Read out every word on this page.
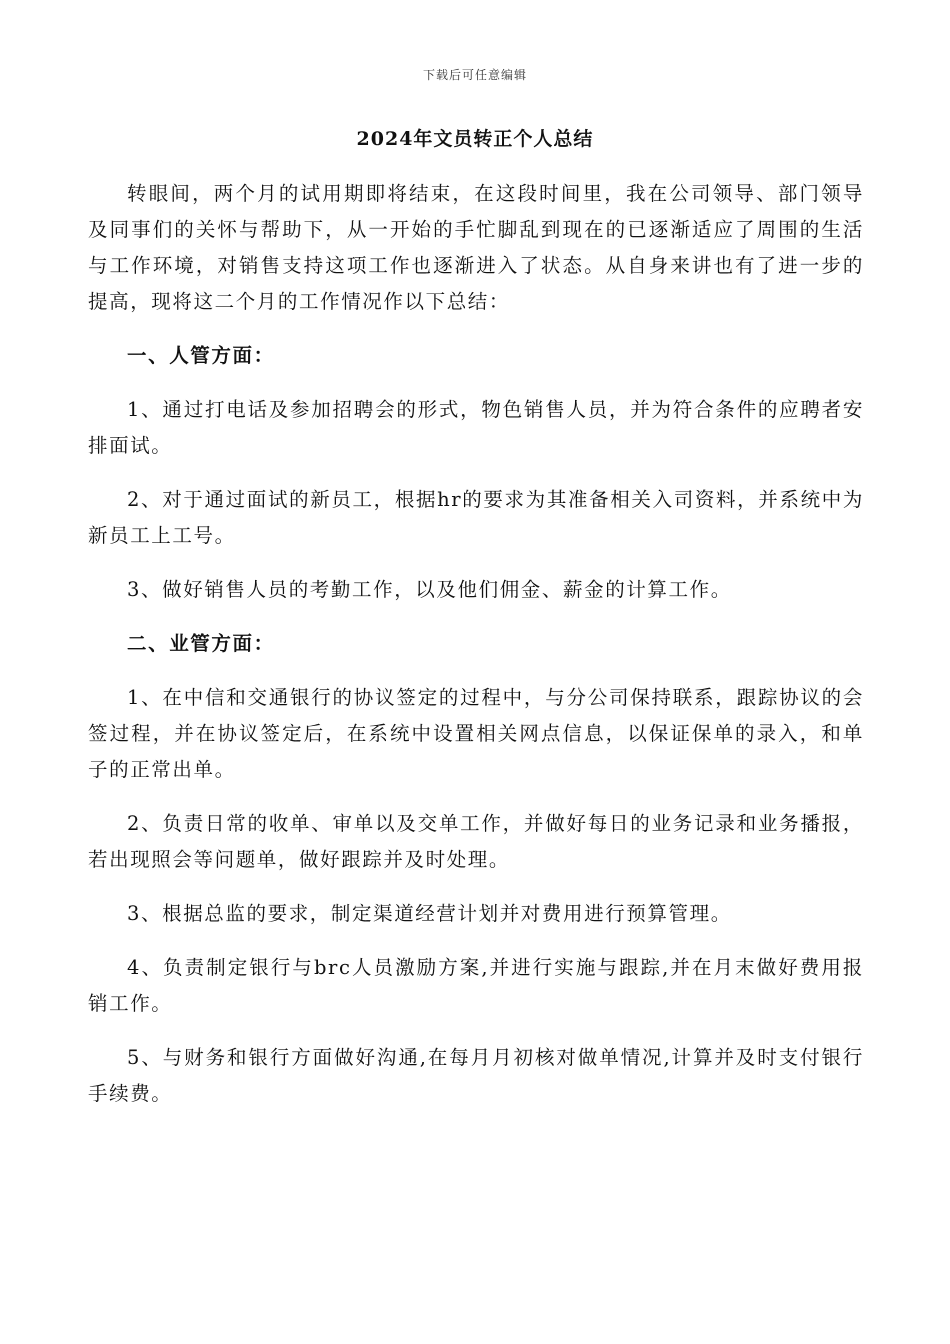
下载后可任意编辑
2024年文员转正个人总结

转眼间，两个月的试用期即将结束，在这段时间里，我在公司领导、部门领导及同事们的关怀与帮助下，从一开始的手忙脚乱到现在的已逐渐适应了周围的生活与工作环境，对销售支持这项工作也逐渐进入了状态。从自身来讲也有了进一步的提高，现将这二个月的工作情况作以下总结：

一、人管方面：

1、通过打电话及参加招聘会的形式，物色销售人员，并为符合条件的应聘者安排面试。

2、对于通过面试的新员工，根据hr的要求为其准备相关入司资料，并系统中为新员工上工号。

3、做好销售人员的考勤工作，以及他们佣金、薪金的计算工作。

二、业管方面：

1、在中信和交通银行的协议签定的过程中，与分公司保持联系，跟踪协议的会签过程，并在协议签定后，在系统中设置相关网点信息，以保证保单的录入，和单子的正常出单。

2、负责日常的收单、审单以及交单工作，并做好每日的业务记录和业务播报，若出现照会等问题单，做好跟踪并及时处理。

3、根据总监的要求，制定渠道经营计划并对费用进行预算管理。

4、负责制定银行与brc人员激励方案,并进行实施与跟踪,并在月末做好费用报销工作。

5、与财务和银行方面做好沟通,在每月月初核对做单情况,计算并及时支付银行手续费。
